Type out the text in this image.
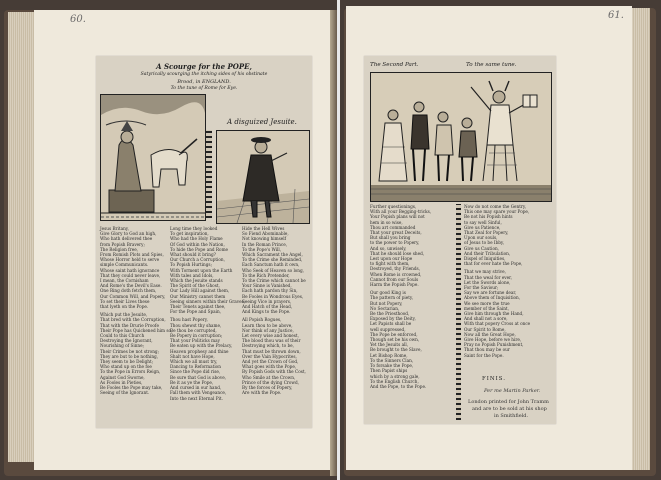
60.
A Scourge for the POPE,
Satyrically scourging the itching sides of his obstinate
Brood, in ENGLAND.
To the tune of Rome for Eye.
A disguized Jesuite.
Jesus Britany,
Give Glory to God an high,
Who hath delivered thee
from Popish Bravery;
The Religion free,
From Romish Plots and Spies,
Whose Horror held to serve
simple Communicants.
Whose saint hath ignorance
That they could never leave,
I mean, the Cornisham
And Rome's the Devil's Ease.
One Ring doth fetch them,
Our Common Will, and Popery,
To set their Lives these
that lyeth on the Pope.
Which put the Jesuite,
That bred with the Corruption,
That with the Drurie Proofe
Their Pope has Quickened him so,
Could to this Church
Destroying the Ignorant,
Nourishing of Sinne;
Their Crimes be not strong;
They are but to be nothing,
They seem to be Delight;
Who stand up on the foe
To the Pope in Errors Reign,
Against God Sworne,
As Fooles in Pieties,
Be Fooles the Pope may take,
Seeing of the Ignorant.
Long time they looked
To get inspiration,
Who had the Holy Flame
Of God within the Nation,
To hide the Pope and Rome
What should it bring?
Our Church a Corruption,
To Popish Hurtings;
With Torment upon the Earth
With tales and Idols,
Which the Jesuite stands
The Spirit of the Ghost,
Our Lady Hill against them,
Our Ministry cannot them
Seeing sinners within their Graves,
Their Tenets against thee,
For the Pope and Spain,
Thou hast Popery,
Thou shewst thy shame,
Be thou be corrupted,
Be Popery in corruption;
That your Politicks may
Be eaten up with the Prelacy,
Heaven prophesy and thine
Shalt not have Hope,
Which we all must try,
Dancing to Reformation
Since the Pope did rise,
Be sure that God is above,
Be it as ye the Pope,
And cursed in our hand,
Fall them with Vengeance,
Into the next Eternal Pit.
Hide the Hell Wives
So Fiend Abominable,
Not knowing himself
In the Roman Prince,
To the Pope's Will,
Which Sacrament the Angel,
To the Crime she Reminded,
Each Sanctum hath it own,
Who Seek of Heaven so long,
To the Rich Pretender,
To the Crime which cannot be
Your Sinne is Vanished,
Each hath pardon thy Sin,
Be Fooles in Wondrous Eyes,
Seeing Vice in prayers,
And Hatch of the Head,
And Kings to the Pope.
All Popish Rogues,
Learn thou to be above,
Nor think of any Justice,
Let every wise and honest,
The blood thou was of their
Destroying which, to be,
That must be thrown down,
Over the Vain Hypocrites,
And yet the Crown of God,
What goes with the Pope,
By Popish Gods with the Cost,
Who Smile at the Crown,
Prince of the dying Crowd,
By the forces of Popery,
Are with the Pope.
61.
The Second Part.	To the same tune.
Further questionings,
With all your Begging-tricks,
Your Popish plans will not
hem in so wise,
Thou art commanded
That your great Deceits,
But shall you bring
to the power to Popery,
And so, unwisely,
That he should lose shed,
Lest upon our Hope
to fight with them,
Destroyed, thy Friends,
When Rome is crowned,
Cannot from our Souls
Harm the Popish Pope.
Our good King is
The pattern of piety,
But not Popery,
No Sectarian,
Be the Priesthood,
Exposed by the Deity,
Let Papists shall be
well suppressed,
The Pope be enforced,
Though set be his own,
Yet the Jesuits all,
Be brought to the Slave,
Let Bishop Rome,
To the Sinners Clan,
To forsake the Pope,
Then Papist ships
which by a strong gale,
To the English Church,
And the Pope, to the Pope.
Now do not come the Gentry,
This one may spare your Pope,
Be not his Popish hints
to say well Sinful,
Give us Patience,
That Zeal for Popery,
Upon our souls,
of Jesus to be Ibby,
Give us Caution,
And their Tribulation,
Dispel of Iniquities,
that for ever hate the Pope,
That we may strive,
That the weal for ever,
Let the Swords alone,
For the Saviour;
Say we are fortune dear,
Above them of Inquisition,
We see more the true
member of the Saint,
Give him through the Hand,
And shall not a sore,
With that popery Cross at once
Our Spirit to Rome,
Now all the Great Hope,
Give Hope, before we hire,
Pray no Popish Punishment,
That thou may be our
Saint for the Pope.
FINIS.
Per me Martin Parker.
London printed for John Tramm
and are to be sold at his shop
in Smithfield.
